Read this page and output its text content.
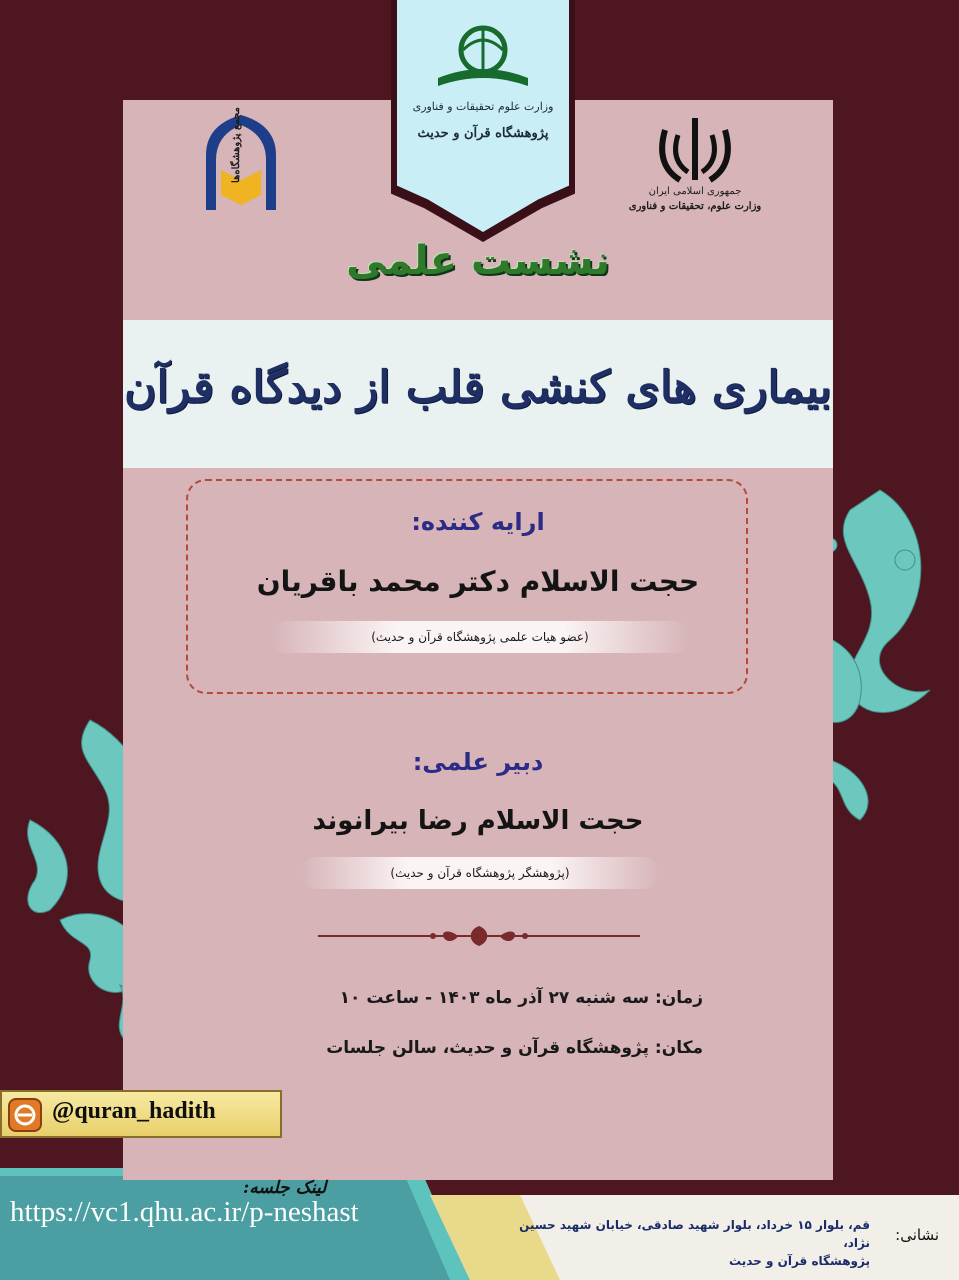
وزارت علوم تحقیقات و فناوری
پژوهشگاه قرآن و حدیث
جمهوری اسلامی ایران
وزارت علوم، تحقیقات و فناوری
مجمع پژوهشگاه‌ها
نشست علمی
بیماری های کنشی قلب از دیدگاه قرآن
ارایه کننده:
حجت الاسلام دکتر محمد باقریان
(عضو هیات علمی پژوهشگاه قرآن و حدیث)
دبیر علمی:
حجت الاسلام رضا بیرانوند
(پژوهشگر پژوهشگاه قرآن و حدیث)
زمان: سه شنبه ۲۷ آذر ماه ۱۴۰۳ - ساعت ۱۰
مکان: پژوهشگاه قرآن و حدیث، سالن جلسات
@quran_hadith
لینک جلسه:
https://vc1.qhu.ac.ir/p-neshast
نشانی:
قم، بلوار ۱۵ خرداد، بلوار شهید صادقی، خیابان شهید حسین نژاد،
پژوهشگاه قرآن و حدیث
